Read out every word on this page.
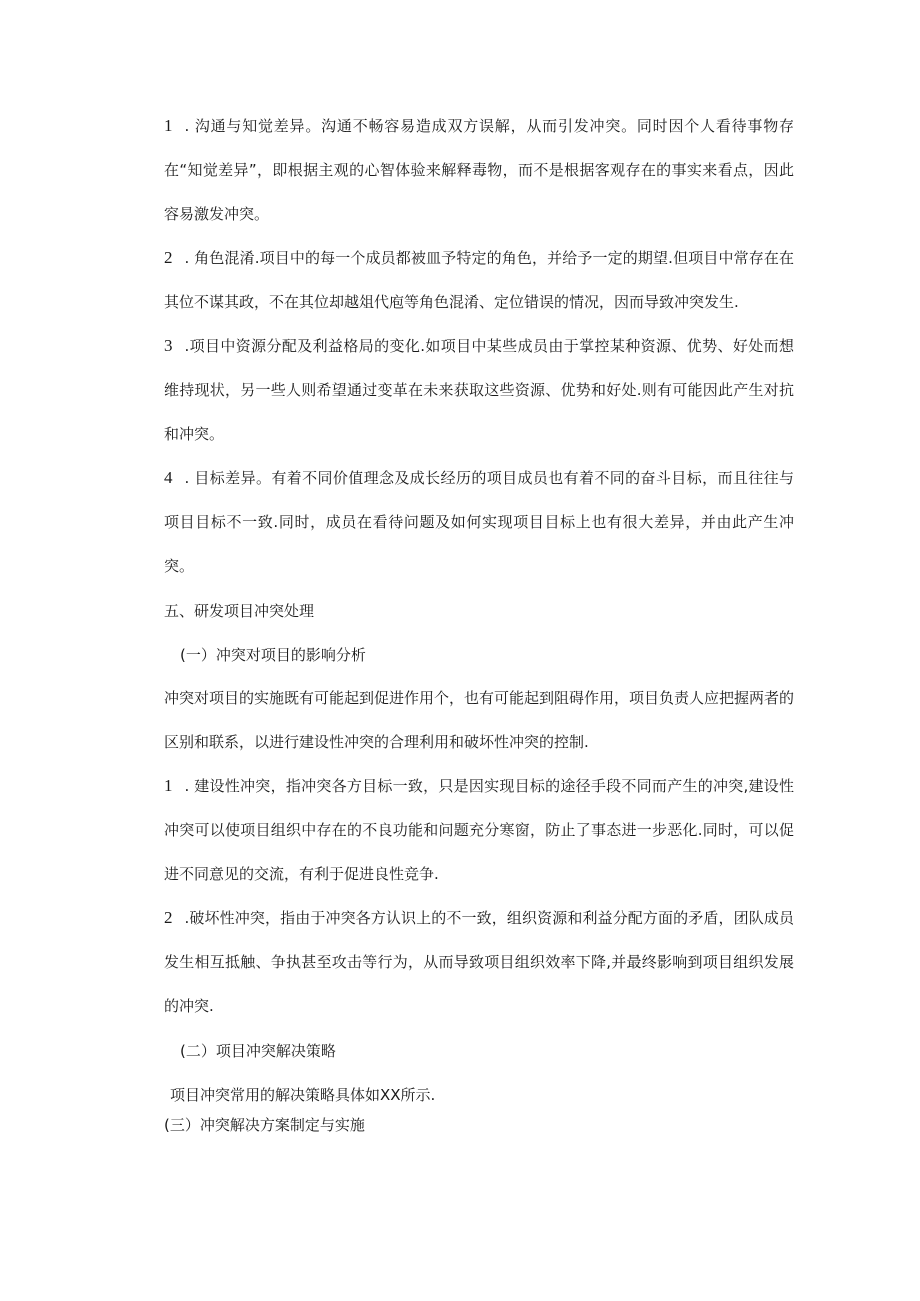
1 . 沟通与知觉差异。沟通不畅容易造成双方误解，从而引发冲突。同时因个人看待事物存在“知觉差异”，即根据主观的心智体验来解释毒物，而不是根据客观存在的事实来看点，因此容易激发冲突。

2 . 角色混淆.项目中的每一个成员都被皿予特定的角色，并给予一定的期望.但项目中常存在在其位不谋其政，不在其位却越俎代庖等角色混淆、定位错误的情况，因而导致冲突发生.

3 .项目中资源分配及利益格局的变化.如项目中某些成员由于掌控某种资源、优势、好处而想维持现状，另一些人则希望通过变革在未来获取这些资源、优势和好处.则有可能因此产生对抗和冲突。

4 . 目标差异。有着不同价值理念及成长经历的项目成员也有着不同的奋斗目标，而且往往与项目目标不一致.同时，成员在看待问题及如何实现项目目标上也有很大差异，并由此产生冲突。

五、研发项目冲突处理

(一）冲突对项目的影响分析

冲突对项目的实施既有可能起到促进作用个，也有可能起到阻碍作用，项目负责人应把握两者的区别和联系，以进行建设性冲突的合理利用和破坏性冲突的控制.

1 . 建设性冲突，指冲突各方目标一致，只是因实现目标的途径手段不同而产生的冲突,建设性冲突可以使项目组织中存在的不良功能和问题充分寒窗，防止了事态进一步恶化.同时，可以促进不同意见的交流，有利于促进良性竞争.

2 .破坏性冲突，指由于冲突各方认识上的不一致，组织资源和利益分配方面的矛盾，团队成员发生相互抵触、争执甚至攻击等行为，从而导致项目组织效率下降,并最终影响到项目组织发展的冲突.

(二）项目冲突解决策略

项目冲突常用的解决策略具体如XX所示.

(三）冲突解决方案制定与实施
